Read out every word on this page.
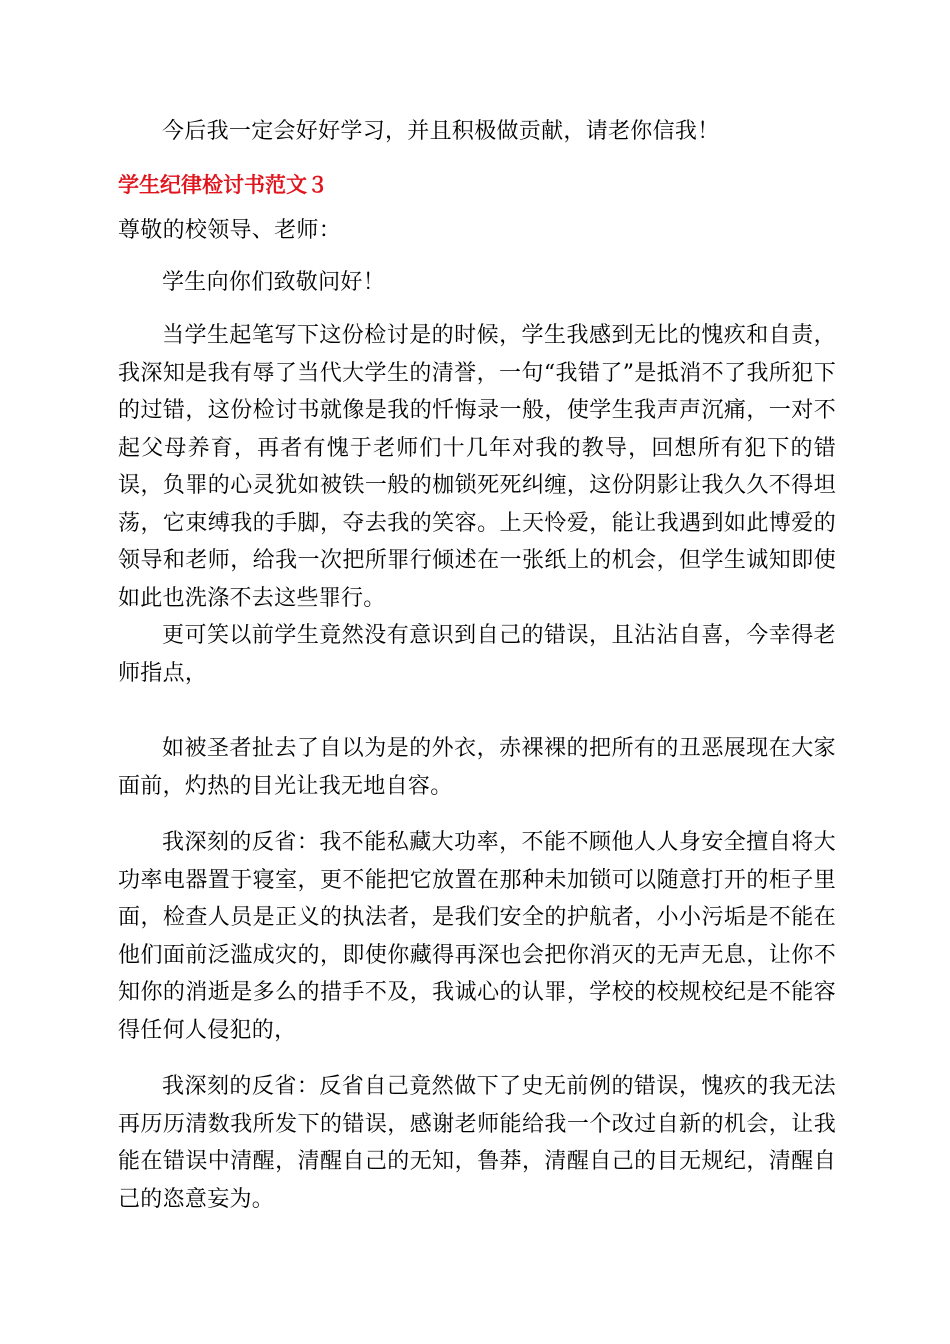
今后我一定会好好学习，并且积极做贡献，请老你信我！

学生纪律检讨书范文３

尊敬的校领导、老师：

学生向你们致敬问好！

当学生起笔写下这份检讨是的时候，学生我感到无比的愧疚和自责，我深知是我有辱了当代大学生的清誉，一句“我错了”是抵消不了我所犯下的过错，这份检讨书就像是我的忏悔录一般，使学生我声声沉痛，一对不起父母养育，再者有愧于老师们十几年对我的教导，回想所有犯下的错误，负罪的心灵犹如被铁一般的枷锁死死纠缠，这份阴影让我久久不得坦荡，它束缚我的手脚，夺去我的笑容。上天怜爱，能让我遇到如此博爱的领导和老师，给我一次把所罪行倾述在一张纸上的机会，但学生诚知即使如此也洗涤不去这些罪行。

更可笑以前学生竟然没有意识到自己的错误，且沾沾自喜，今幸得老师指点，

如被圣者扯去了自以为是的外衣，赤裸裸的把所有的丑恶展现在大家面前，灼热的目光让我无地自容。

我深刻的反省：我不能私藏大功率，不能不顾他人人身安全擅自将大功率电器置于寝室，更不能把它放置在那种未加锁可以随意打开的柜子里面，检查人员是正义的执法者，是我们安全的护航者，小小污垢是不能在他们面前泛滥成灾的，即使你藏得再深也会把你消灭的无声无息，让你不知你的消逝是多么的措手不及，我诚心的认罪，学校的校规校纪是不能容得任何人侵犯的，

我深刻的反省：反省自己竟然做下了史无前例的错误，愧疚的我无法再历历清数我所发下的错误，感谢老师能给我一个改过自新的机会，让我能在错误中清醒，清醒自己的无知，鲁莽，清醒自己的目无规纪，清醒自己的恣意妄为。
